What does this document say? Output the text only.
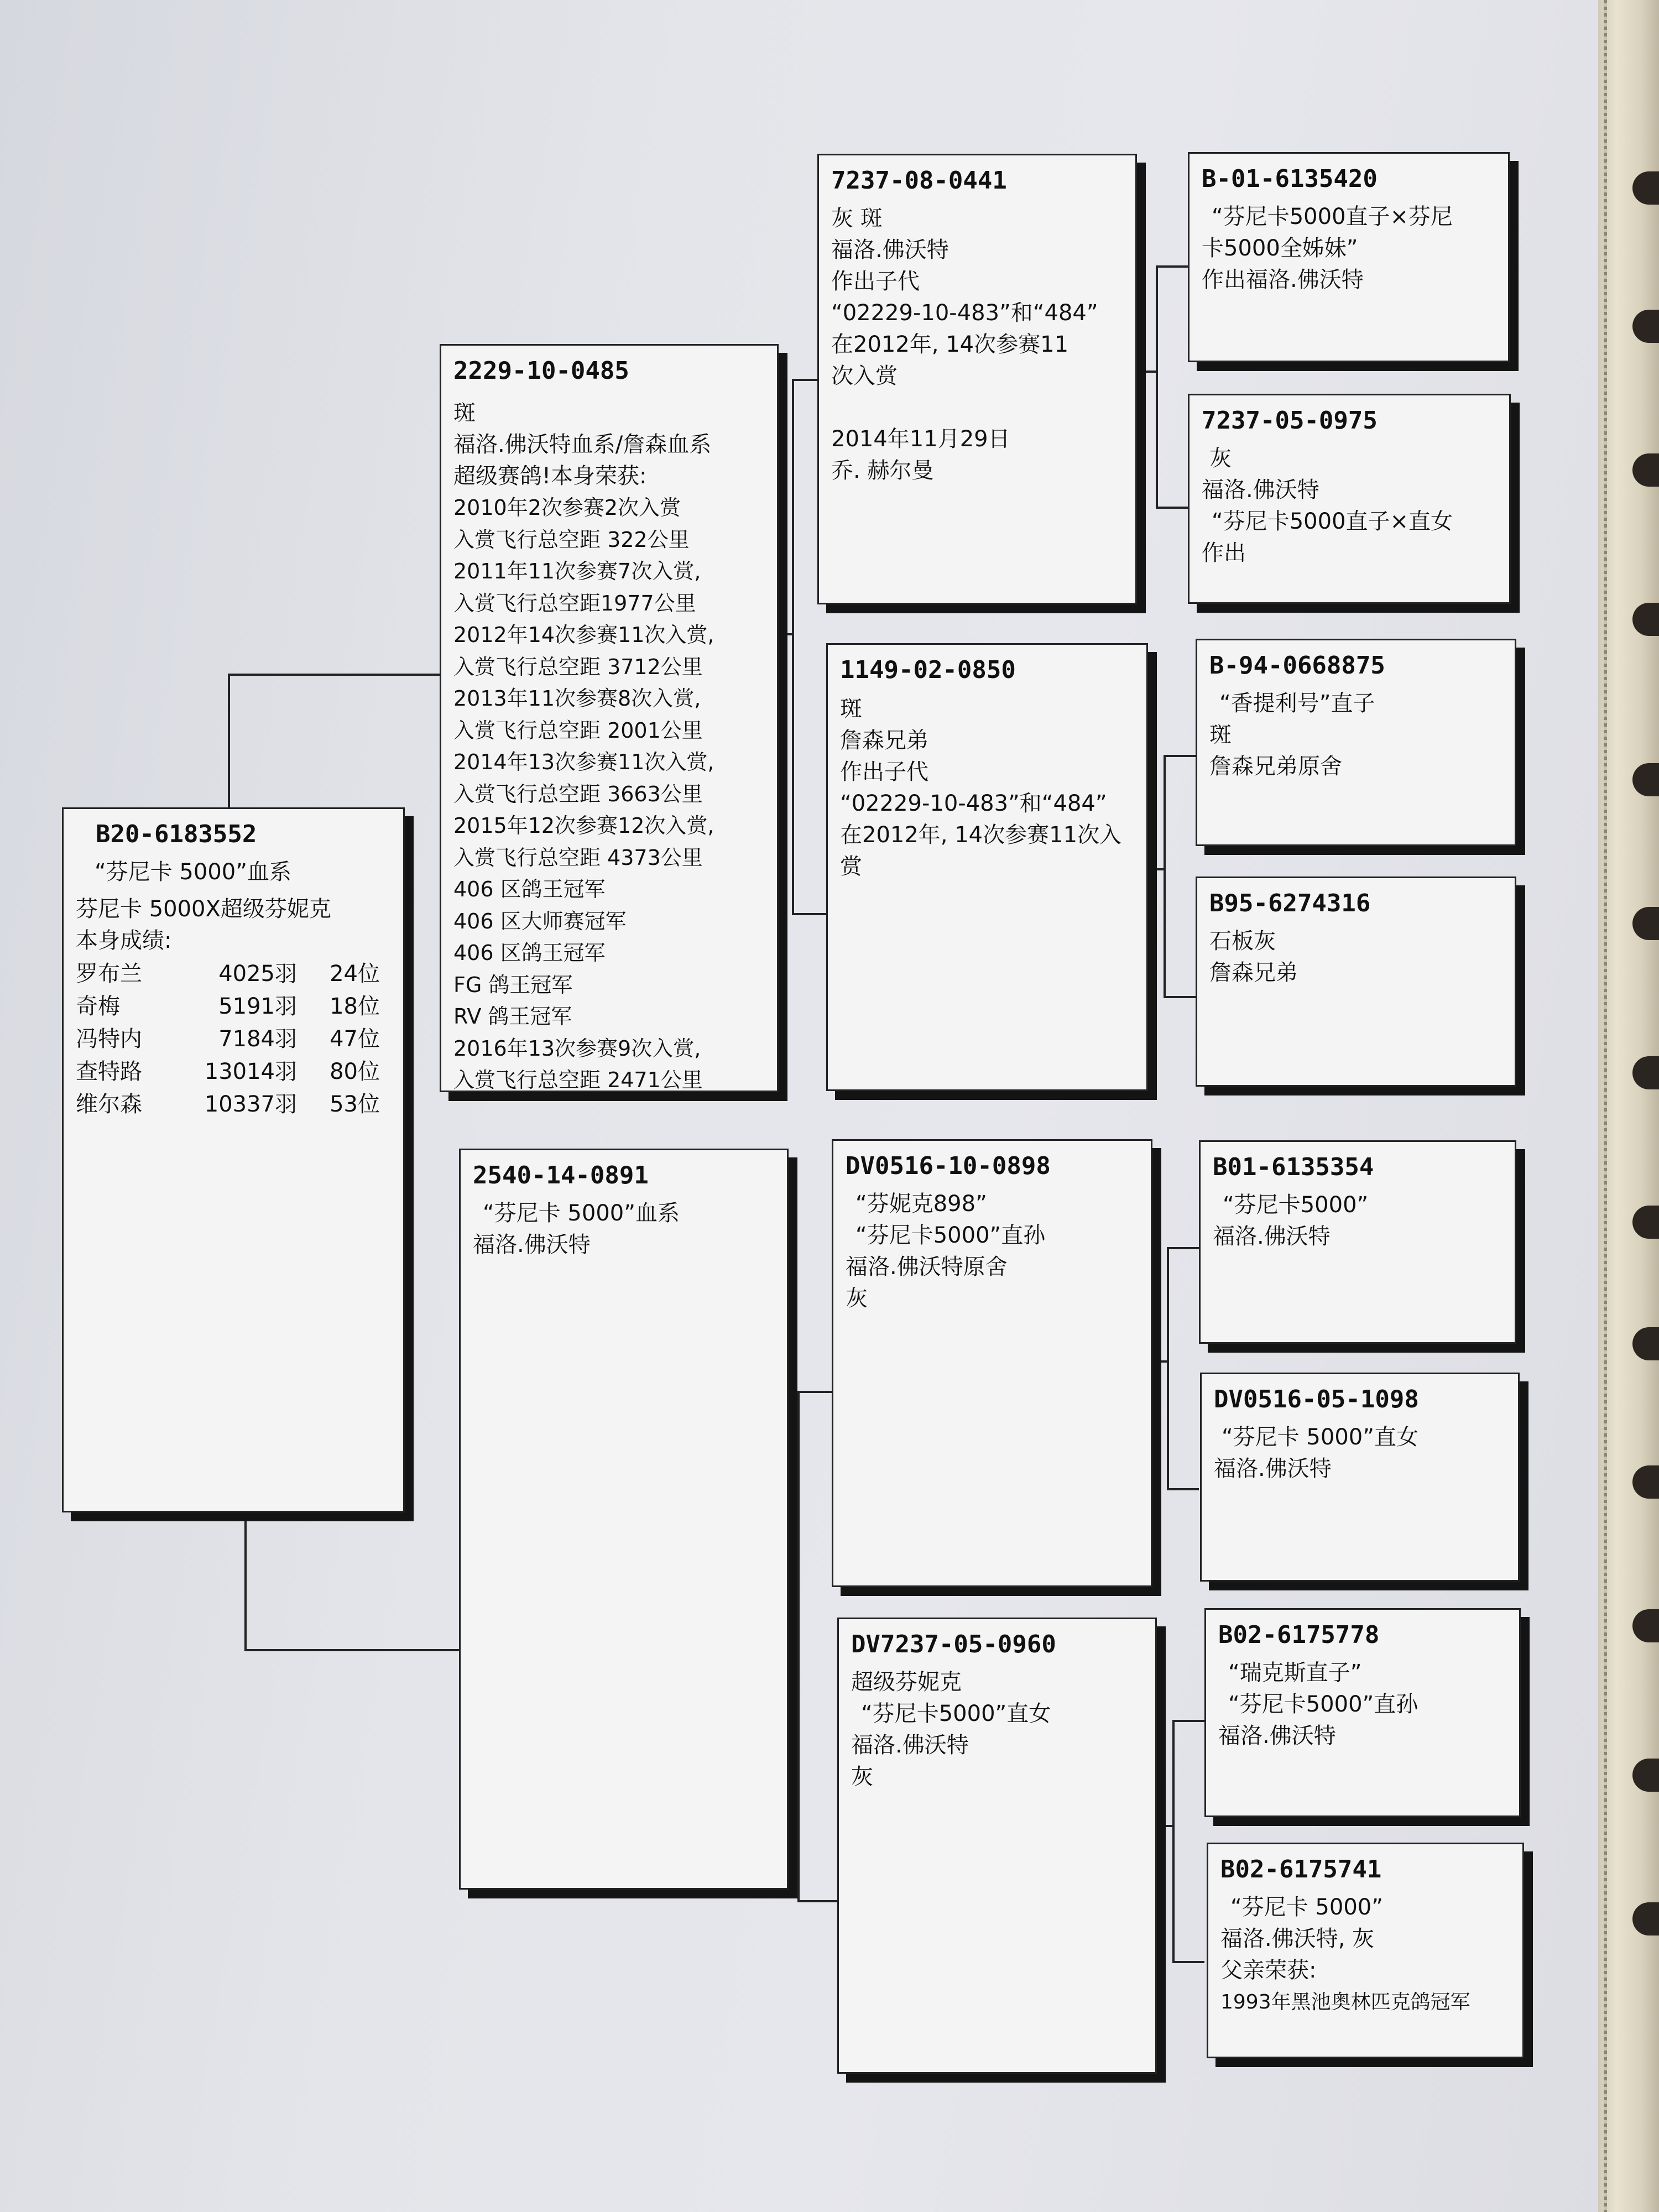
B20-6183552
“芬尼卡 5000”血系
芬尼卡 5000X超级芬妮克
本身成绩:
罗布兰	4025羽	24位
奇梅	5191羽	18位
冯特内	7184羽	47位
查特路	13014羽	80位
维尔森	10337羽	53位
2229-10-0485
斑
福洛.佛沃特血系/詹森血系
超级赛鸽!本身荣获:
2010年2次参赛2次入赏
入赏飞行总空距 322公里
2011年11次参赛7次入赏,
入赏飞行总空距1977公里
2012年14次参赛11次入赏,
入赏飞行总空距 3712公里
2013年11次参赛8次入赏,
入赏飞行总空距 2001公里
2014年13次参赛11次入赏,
入赏飞行总空距 3663公里
2015年12次参赛12次入赏,
入赏飞行总空距 4373公里
406 区鸽王冠军
406 区大师赛冠军
406 区鸽王冠军
FG 鸽王冠军
RV 鸽王冠军
2016年13次参赛9次入赏,
入赏飞行总空距 2471公里
2540-14-0891
“芬尼卡 5000”血系
福洛.佛沃特
7237-08-0441
灰 斑
福洛.佛沃特
作出子代
“02229-10-483”和“484”
在2012年, 14次参赛11
次入赏
2014年11月29日
乔. 赫尔曼
1149-02-0850
斑
詹森兄弟
作出子代
“02229-10-483”和“484”
在2012年, 14次参赛11次入
赏
DV0516-10-0898
“芬妮克898”
“芬尼卡5000”直孙
福洛.佛沃特原舍
灰
DV7237-05-0960
超级芬妮克
“芬尼卡5000”直女
福洛.佛沃特
灰
B-01-6135420
“芬尼卡5000直子×芬尼
卡5000全姊妹”
作出福洛.佛沃特
7237-05-0975
灰
福洛.佛沃特
“芬尼卡5000直子×直女
作出
B-94-0668875
“香提利号”直子
斑
詹森兄弟原舍
B95-6274316
石板灰
詹森兄弟
B01-6135354
“芬尼卡5000”
福洛.佛沃特
DV0516-05-1098
“芬尼卡 5000”直女
福洛.佛沃特
B02-6175778
“瑞克斯直子”
“芬尼卡5000”直孙
福洛.佛沃特
B02-6175741
“芬尼卡 5000”
福洛.佛沃特, 灰
父亲荣获:
1993年黑池奥林匹克鸽冠军
